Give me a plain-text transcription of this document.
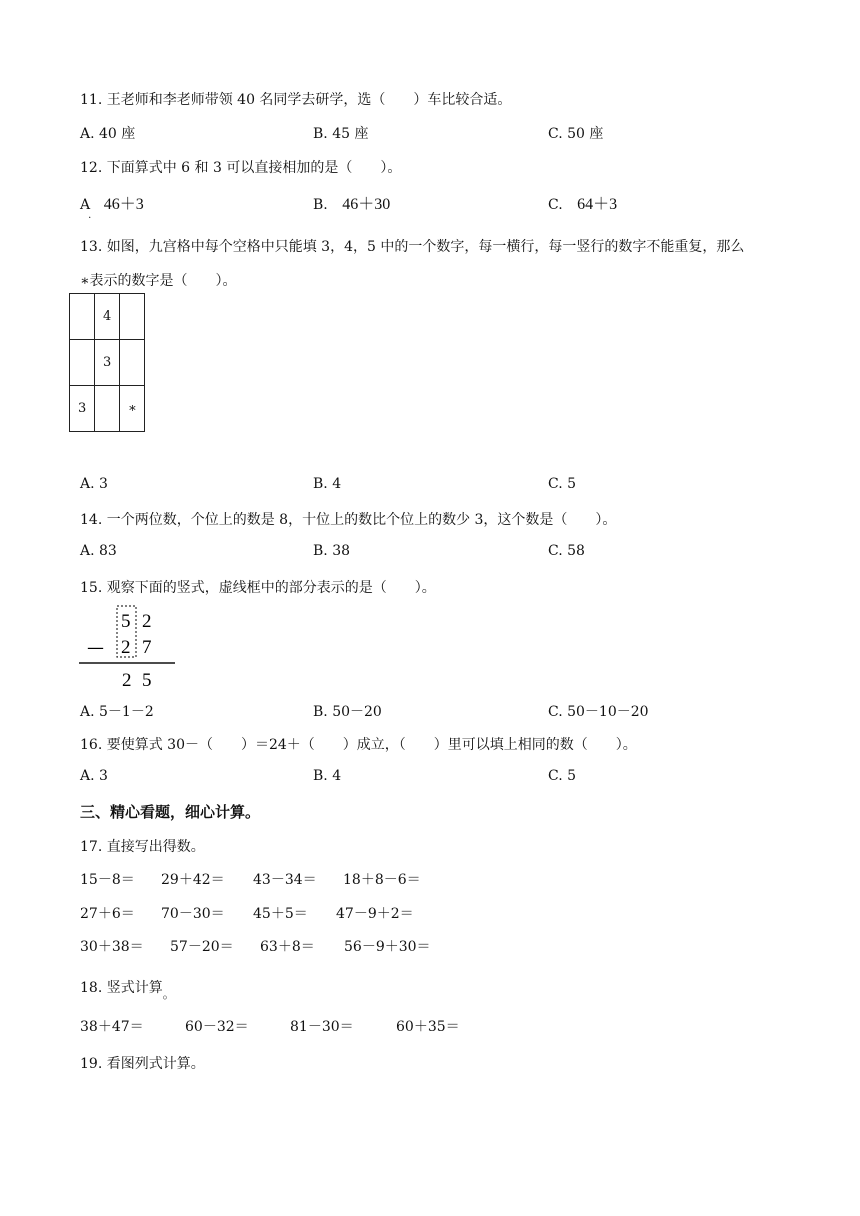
11. 王老师和李老师带领 40 名同学去研学，选（　　）车比较合适。
A. 40 座	B. 45 座	C. 50 座
12. 下面算式中 6 和 3 可以直接相加的是（　　）。
$A_.$ 46＋3	B. 46＋30	C. 64＋3
13. 如图，九宫格中每个空格中只能填 3，4，5 中的一个数字，每一横行，每一竖行的数字不能重复，那么
∗表示的数字是（　　）。
	4	
	3	
3		∗
A. 3	B. 4	C. 5
14. 一个两位数，个位上的数是 8，十位上的数比个位上的数少 3，这个数是（　　）。
A. 83	B. 38	C. 58
15. 观察下面的竖式，虚线框中的部分表示的是（　　）。
5 2
— 2 7
2 5
A. 5－1－2	B. 50－20	C. 50－10－20
16. 要使算式 30－（　　）＝24＋（　　）成立，（　　）里可以填上相同的数（　　）。
A. 3	B. 4	C. 5
三、精心看题，细心计算。
17. 直接写出得数。
15－8＝ 29＋42＝ 43－34＝ 18＋8－6＝
27＋6＝ 70－30＝ 45＋5＝ 47－9＋2＝
30＋38＝ 57－20＝ 63＋8＝ 56－9＋30＝
18. 竖式计算。
38＋47＝	60－32＝	81－30＝	60＋35＝
19. 看图列式计算。
